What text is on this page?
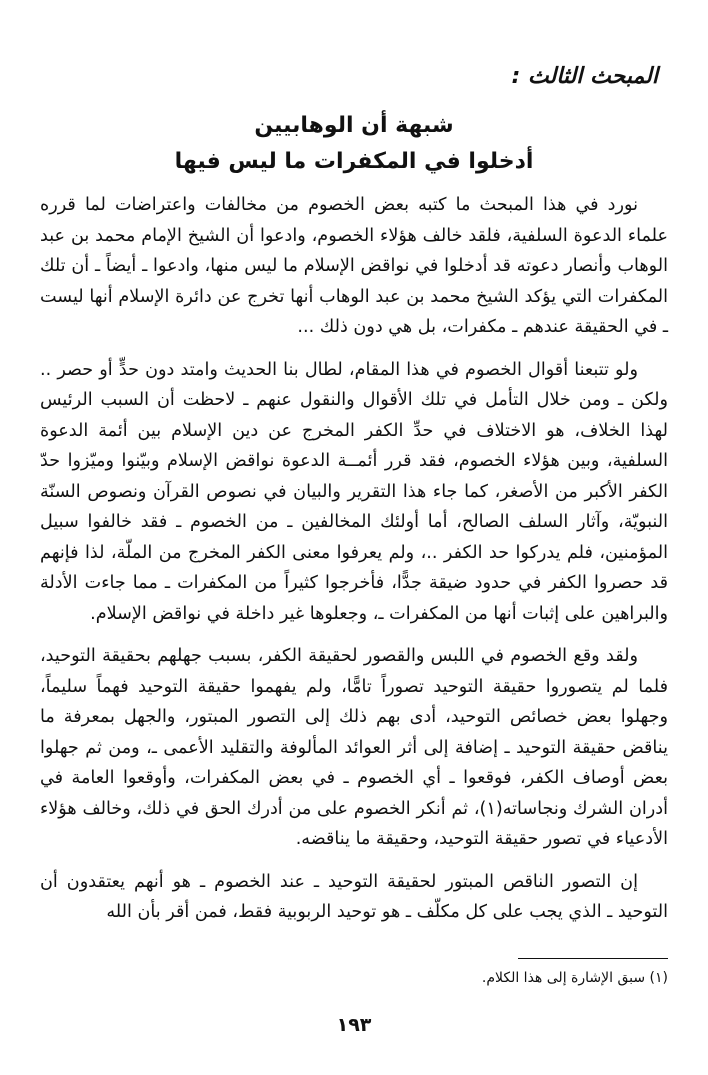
المبحث الثالث :
شبهة أن الوهابيين
أدخلوا في المكفرات ما ليس فيها

نورد في هذا المبحث ما كتبه بعض الخصوم من مخالفات واعتراضات لما قرره علماء الدعوة السلفية، فلقد خالف هؤلاء الخصوم، وادعوا أن الشيخ الإمام محمد بن عبد الوهاب وأنصار دعوته قد أدخلوا في نواقض الإسلام ما ليس منها، وادعوا ـ أيضاً ـ أن تلك المكفرات التي يؤكد الشيخ محمد بن عبد الوهاب أنها تخرج عن دائرة الإسلام أنها ليست ـ في الحقيقة عندهم ـ مكفرات، بل هي دون ذلك ...

ولو تتبعنا أقوال الخصوم في هذا المقام، لطال بنا الحديث وامتد دون حدٍّ أو حصر .. ولكن ـ ومن خلال التأمل في تلك الأقوال والنقول عنهم ـ لاحظت أن السبب الرئيس لهذا الخلاف، هو الاختلاف في حدِّ الكفر المخرج عن دين الإسلام بين أئمة الدعوة السلفية، وبين هؤلاء الخصوم، فقد قرر أئمــة الدعوة نواقض الإسلام وبيّنوا وميّزوا حدّ الكفر الأكبر من الأصغر، كما جاء هذا التقرير والبيان في نصوص القرآن ونصوص السنّة النبويّة، وآثار السلف الصالح، أما أولئك المخالفين ـ من الخصوم ـ فقد خالفوا سبيل المؤمنين، فلم يدركوا حد الكفر ..، ولم يعرفوا معنى الكفر المخرج من الملّة، لذا فإنهم قد حصروا الكفر في حدود ضيقة جدًّا، فأخرجوا كثيراً من المكفرات ـ مما جاءت الأدلة والبراهين على إثبات أنها من المكفرات ـ، وجعلوها غير داخلة في نواقض الإسلام.

ولقد وقع الخصوم في اللبس والقصور لحقيقة الكفر، بسبب جهلهم بحقيقة التوحيد، فلما لم يتصوروا حقيقة التوحيد تصوراً تامًّا، ولم يفهموا حقيقة التوحيد فهماً سليماً، وجهلوا بعض خصائص التوحيد، أدى بهم ذلك إلى التصور المبتور، والجهل بمعرفة ما يناقض حقيقة التوحيد ـ إضافة إلى أثر العوائد المألوفة والتقليد الأعمى ـ، ومن ثم جهلوا بعض أوصاف الكفر، فوقعوا ـ أي الخصوم ـ في بعض المكفرات، وأوقعوا العامة في أدران الشرك ونجاساته(١)، ثم أنكر الخصوم على من أدرك الحق في ذلك، وخالف هؤلاء الأدعياء في تصور حقيقة التوحيد، وحقيقة ما يناقضه.

إن التصور الناقص المبتور لحقيقة التوحيد ـ عند الخصوم ـ هو أنهم يعتقدون أن التوحيد ـ الذي يجب على كل مكلّف ـ هو توحيد الربوبية فقط، فمن أقر بأن الله

(١) سبق الإشارة إلى هذا الكلام.
١٩٣
